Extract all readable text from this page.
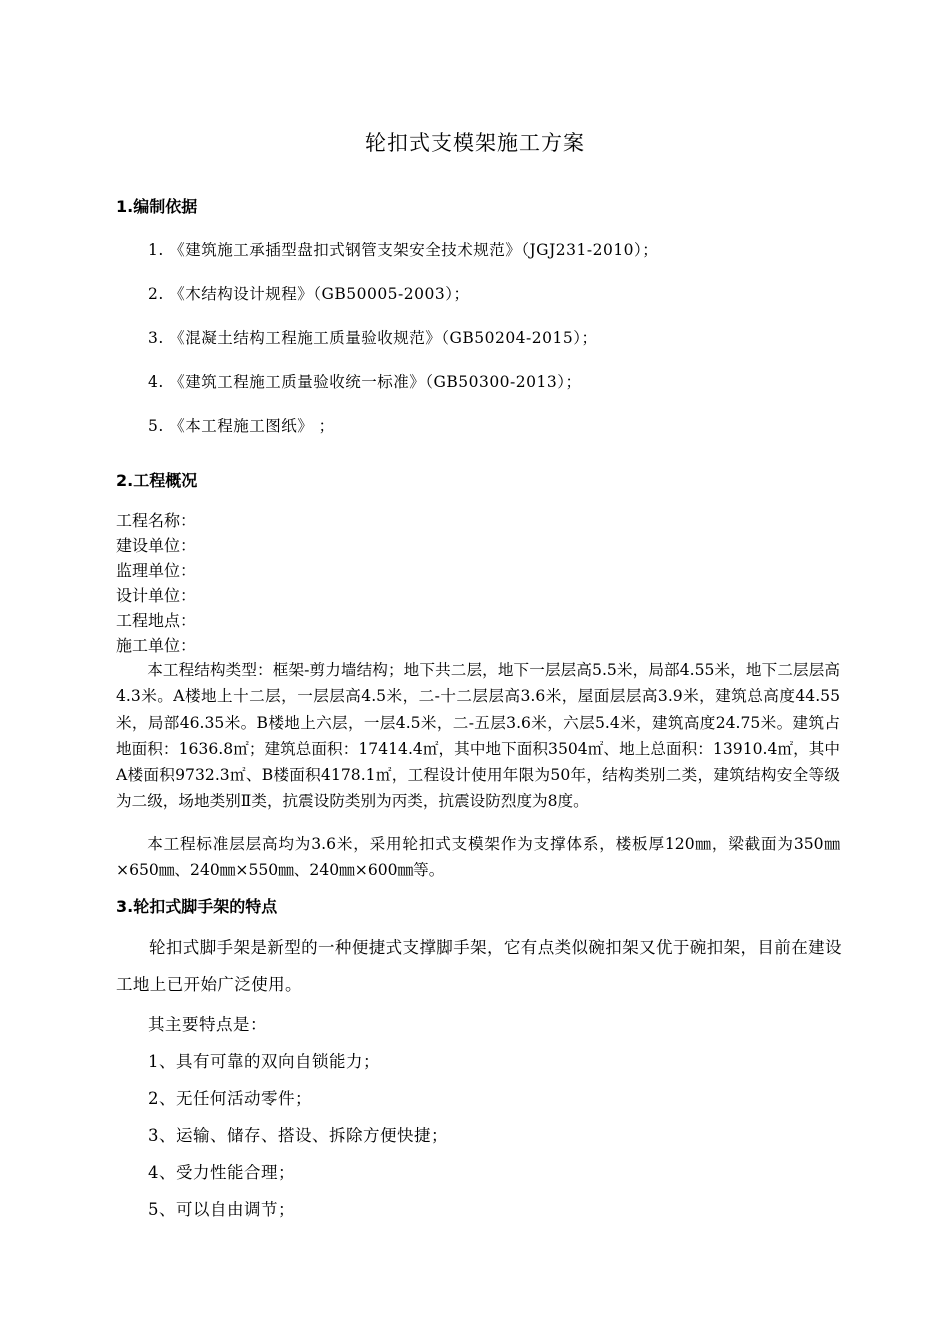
轮扣式支模架施工方案
1.编制依据
1. 《建筑施工承插型盘扣式钢管支架安全技术规范》（JGJ231-2010）；
2. 《木结构设计规程》（GB50005-2003）；
3. 《混凝土结构工程施工质量验收规范》（GB50204-2015）；
4. 《建筑工程施工质量验收统一标准》（GB50300-2013）；
5. 《本工程施工图纸》 ；
2.工程概况
工程名称：
建设单位：
监理单位：
设计单位：
工程地点：
施工单位：
本工程结构类型：框架-剪力墙结构；地下共二层，地下一层层高5.5米，局部4.55米，地下二层层高4.3米。A楼地上十二层，一层层高4.5米，二-十二层层高3.6米，屋面层层高3.9米，建筑总高度44.55米，局部46.35米。B楼地上六层，一层4.5米，二-五层3.6米，六层5.4米，建筑高度24.75米。建筑占地面积：1636.8㎡；建筑总面积：17414.4㎡，其中地下面积3504㎡、地上总面积：13910.4㎡，其中A楼面积9732.3㎡、B楼面积4178.1㎡，工程设计使用年限为50年，结构类别二类，建筑结构安全等级为二级，场地类别Ⅱ类，抗震设防类别为丙类，抗震设防烈度为8度。
本工程标准层层高均为3.6米，采用轮扣式支模架作为支撑体系，楼板厚120㎜，梁截面为350㎜×650㎜、240㎜×550㎜、240㎜×600㎜等。
3.轮扣式脚手架的特点
轮扣式脚手架是新型的一种便捷式支撑脚手架，它有点类似碗扣架又优于碗扣架，目前在建设工地上已开始广泛使用。
其主要特点是：
1、具有可靠的双向自锁能力；
2、无任何活动零件；
3、运输、储存、搭设、拆除方便快捷；
4、受力性能合理；
5、可以自由调节；
